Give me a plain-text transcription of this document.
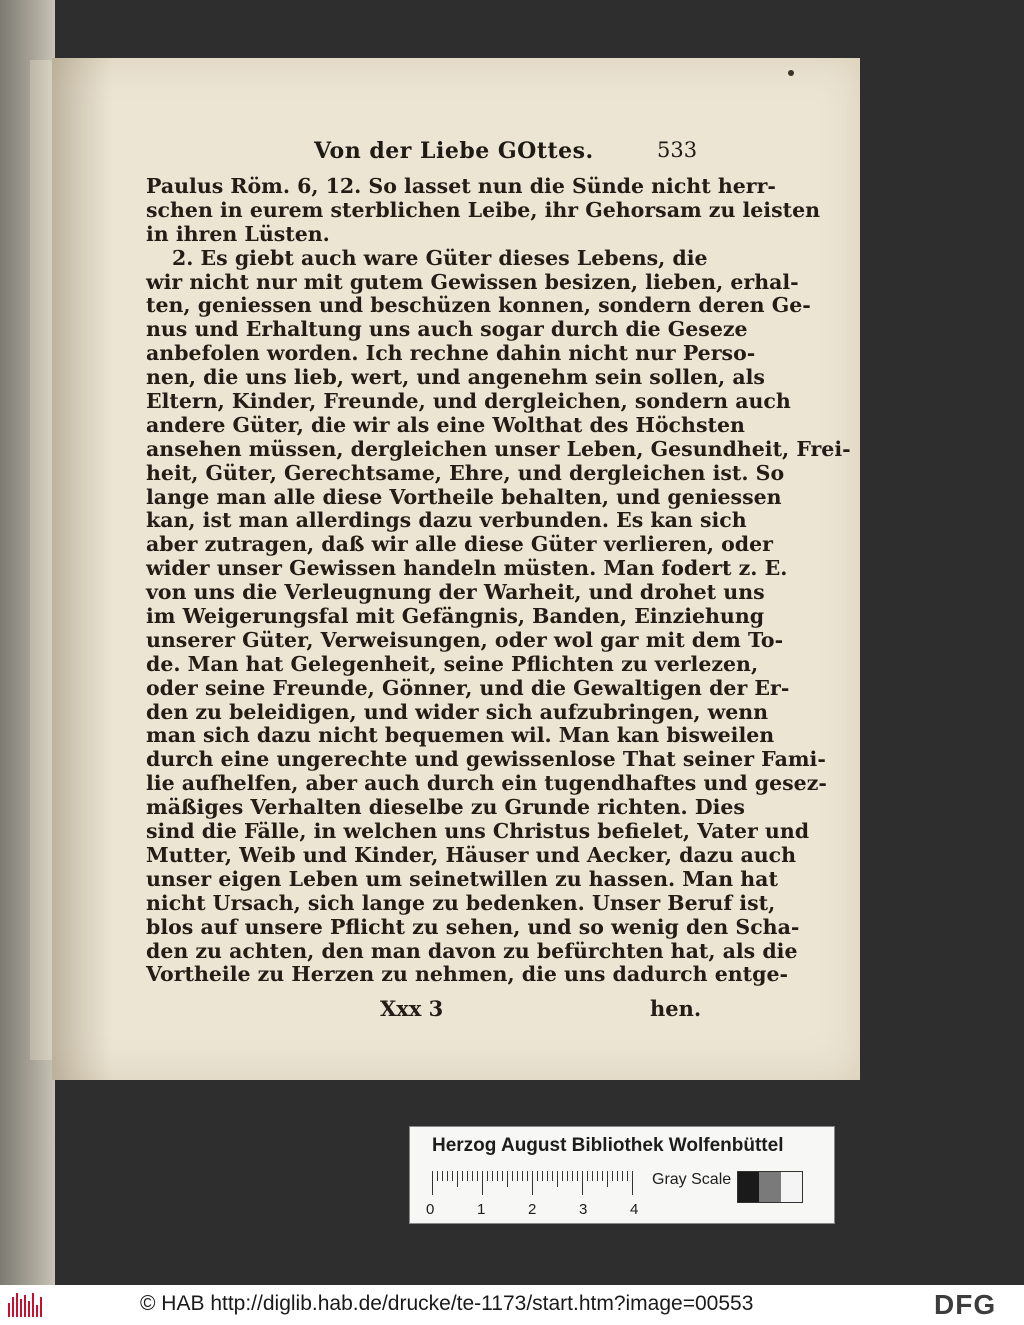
Von der Liebe GOttes.	533
Paulus Röm. 6, 12. So lasset nun die Sünde nicht herr-
schen in eurem sterblichen Leibe, ihr Gehorsam zu leisten
in ihren Lüsten.
2. Es giebt auch ware Güter dieses Lebens, die
wir nicht nur mit gutem Gewissen besizen, lieben, erhal-
ten, geniessen und beschüzen konnen, sondern deren Ge-
nus und Erhaltung uns auch sogar durch die Geseze
anbefolen worden. Ich rechne dahin nicht nur Perso-
nen, die uns lieb, wert, und angenehm sein sollen, als
Eltern, Kinder, Freunde, und dergleichen, sondern auch
andere Güter, die wir als eine Wolthat des Höchsten
ansehen müssen, dergleichen unser Leben, Gesundheit, Frei-
heit, Güter, Gerechtsame, Ehre, und dergleichen ist. So
lange man alle diese Vortheile behalten, und geniessen
kan, ist man allerdings dazu verbunden. Es kan sich
aber zutragen, daß wir alle diese Güter verlieren, oder
wider unser Gewissen handeln müsten. Man fodert z. E.
von uns die Verleugnung der Warheit, und drohet uns
im Weigerungsfal mit Gefängnis, Banden, Einziehung
unserer Güter, Verweisungen, oder wol gar mit dem To-
de. Man hat Gelegenheit, seine Pflichten zu verlezen,
oder seine Freunde, Gönner, und die Gewaltigen der Er-
den zu beleidigen, und wider sich aufzubringen, wenn
man sich dazu nicht bequemen wil. Man kan bisweilen
durch eine ungerechte und gewissenlose That seiner Fami-
lie aufhelfen, aber auch durch ein tugendhaftes und gesez-
mäßiges Verhalten dieselbe zu Grunde richten. Dies
sind die Fälle, in welchen uns Christus befielet, Vater und
Mutter, Weib und Kinder, Häuser und Aecker, dazu auch
unser eigen Leben um seinetwillen zu hassen. Man hat
nicht Ursach, sich lange zu bedenken. Unser Beruf ist,
blos auf unsere Pflicht zu sehen, und so wenig den Scha-
den zu achten, den man davon zu befürchten hat, als die
Vortheile zu Herzen zu nehmen, die uns dadurch entge-
Xxx 3	hen.
Herzog August Bibliothek Wolfenbüttel
0	1	2	3	4
Gray Scale
© HAB http://diglib.hab.de/drucke/te-1173/start.htm?image=00553	DFG
